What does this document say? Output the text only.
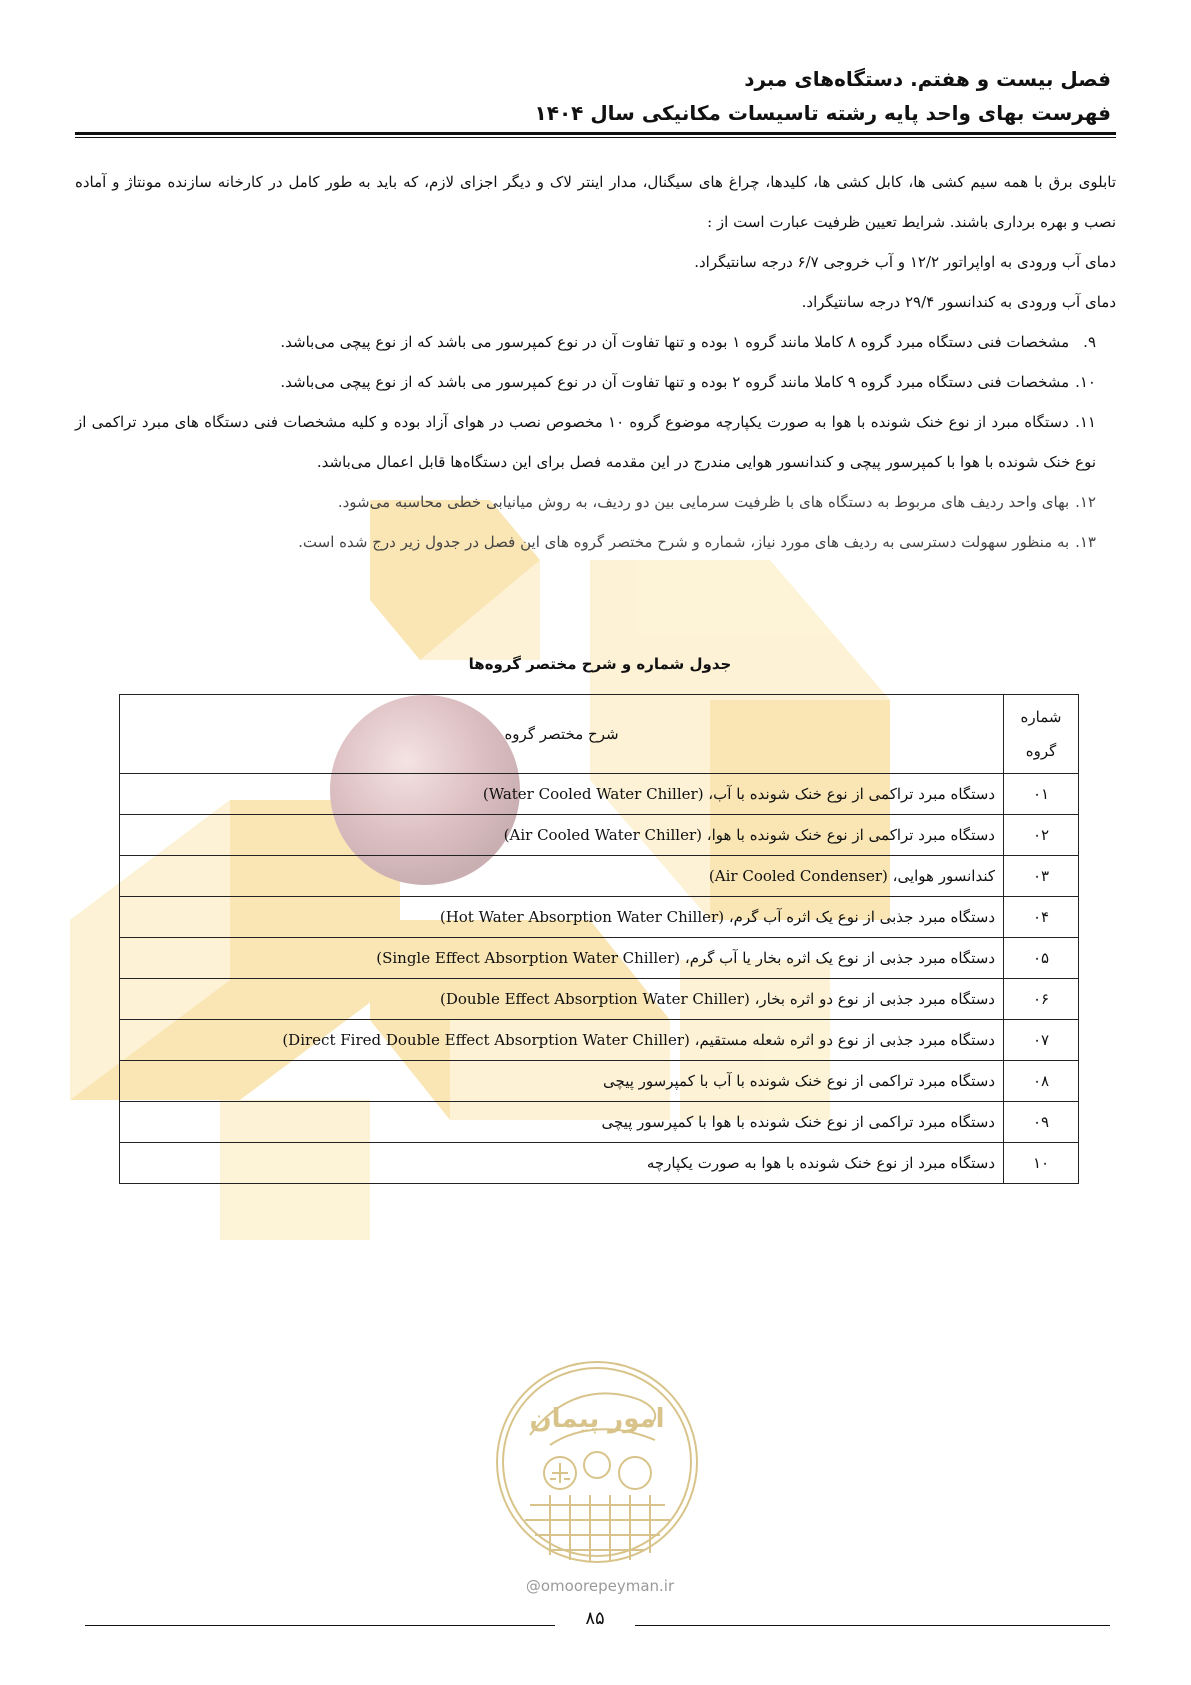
فصل بیست و هفتم. دستگاه‌های مبرد
فهرست بهای واحد پایه رشته تاسیسات مکانیکی سال ۱۴۰۴

تابلوی برق با همه سیم کشی ها، کابل کشی ها، کلیدها، چراغ های سیگنال، مدار اینتر لاک و دیگر اجزای لازم، که باید به طور کامل در کارخانه سازنده مونتاژ و آماده نصب و بهره برداری باشند. شرایط تعیین ظرفیت عبارت است از :

دمای آب ورودی به اواپراتور ۱۲/۲ و آب خروجی ۶/۷ درجه سانتیگراد.

دمای آب ورودی به کندانسور ۲۹/۴ درجه سانتیگراد.

۹. مشخصات فنی دستگاه مبرد گروه ۸ کاملا مانند گروه ۱ بوده و تنها تفاوت آن در نوع کمپرسور می باشد که از نوع پیچی می‌باشد.

۱۰. مشخصات فنی دستگاه مبرد گروه ۹ کاملا مانند گروه ۲ بوده و تنها تفاوت آن در نوع کمپرسور می باشد که از نوع پیچی می‌باشد.

۱۱. دستگاه مبرد از نوع خنک شونده با هوا به صورت یکپارچه موضوع گروه ۱۰ مخصوص نصب در هوای آزاد بوده و کلیه مشخصات فنی دستگاه های مبرد تراکمی از نوع خنک شونده با هوا با کمپرسور پیچی و کندانسور هوایی مندرج در این مقدمه فصل برای این دستگاه‌ها قابل اعمال می‌باشد.

۱۲. بهای واحد ردیف های مربوط به دستگاه های با ظرفیت سرمایی بین دو ردیف، به روش میانیابی خطی محاسبه می‌شود.

۱۳. به منظور سهولت دسترسی به ردیف های مورد نیاز، شماره و شرح مختصر گروه های این فصل در جدول زیر درج شده است.

جدول شماره و شرح مختصر گروه‌ها
شماره
گروه	شرح مختصر گروه
۰۱	دستگاه مبرد تراکمی از نوع خنک شونده با آب، (Water Cooled Water Chiller)
۰۲	دستگاه مبرد تراکمی از نوع خنک شونده با هوا، (Air Cooled Water Chiller)
۰۳	کندانسور هوایی، (Air Cooled Condenser)
۰۴	دستگاه مبرد جذبی از نوع یک اثره آب گرم، (Hot Water Absorption Water Chiller)
۰۵	دستگاه مبرد جذبی از نوع یک اثره بخار یا آب گرم، (Single Effect Absorption Water Chiller)
۰۶	دستگاه مبرد جذبی از نوع دو اثره بخار، (Double Effect Absorption Water Chiller)
۰۷	دستگاه مبرد جذبی از نوع دو اثره شعله مستقیم، (Direct Fired Double Effect Absorption Water Chiller)
۰۸	دستگاه مبرد تراکمی از نوع خنک شونده با آب با کمپرسور پیچی
۰۹	دستگاه مبرد تراکمی از نوع خنک شونده با هوا با کمپرسور پیچی
۱۰	دستگاه مبرد از نوع خنک شونده با هوا به صورت یکپارچه
امور پیمان
@omoorepeyman.ir
۸۵
